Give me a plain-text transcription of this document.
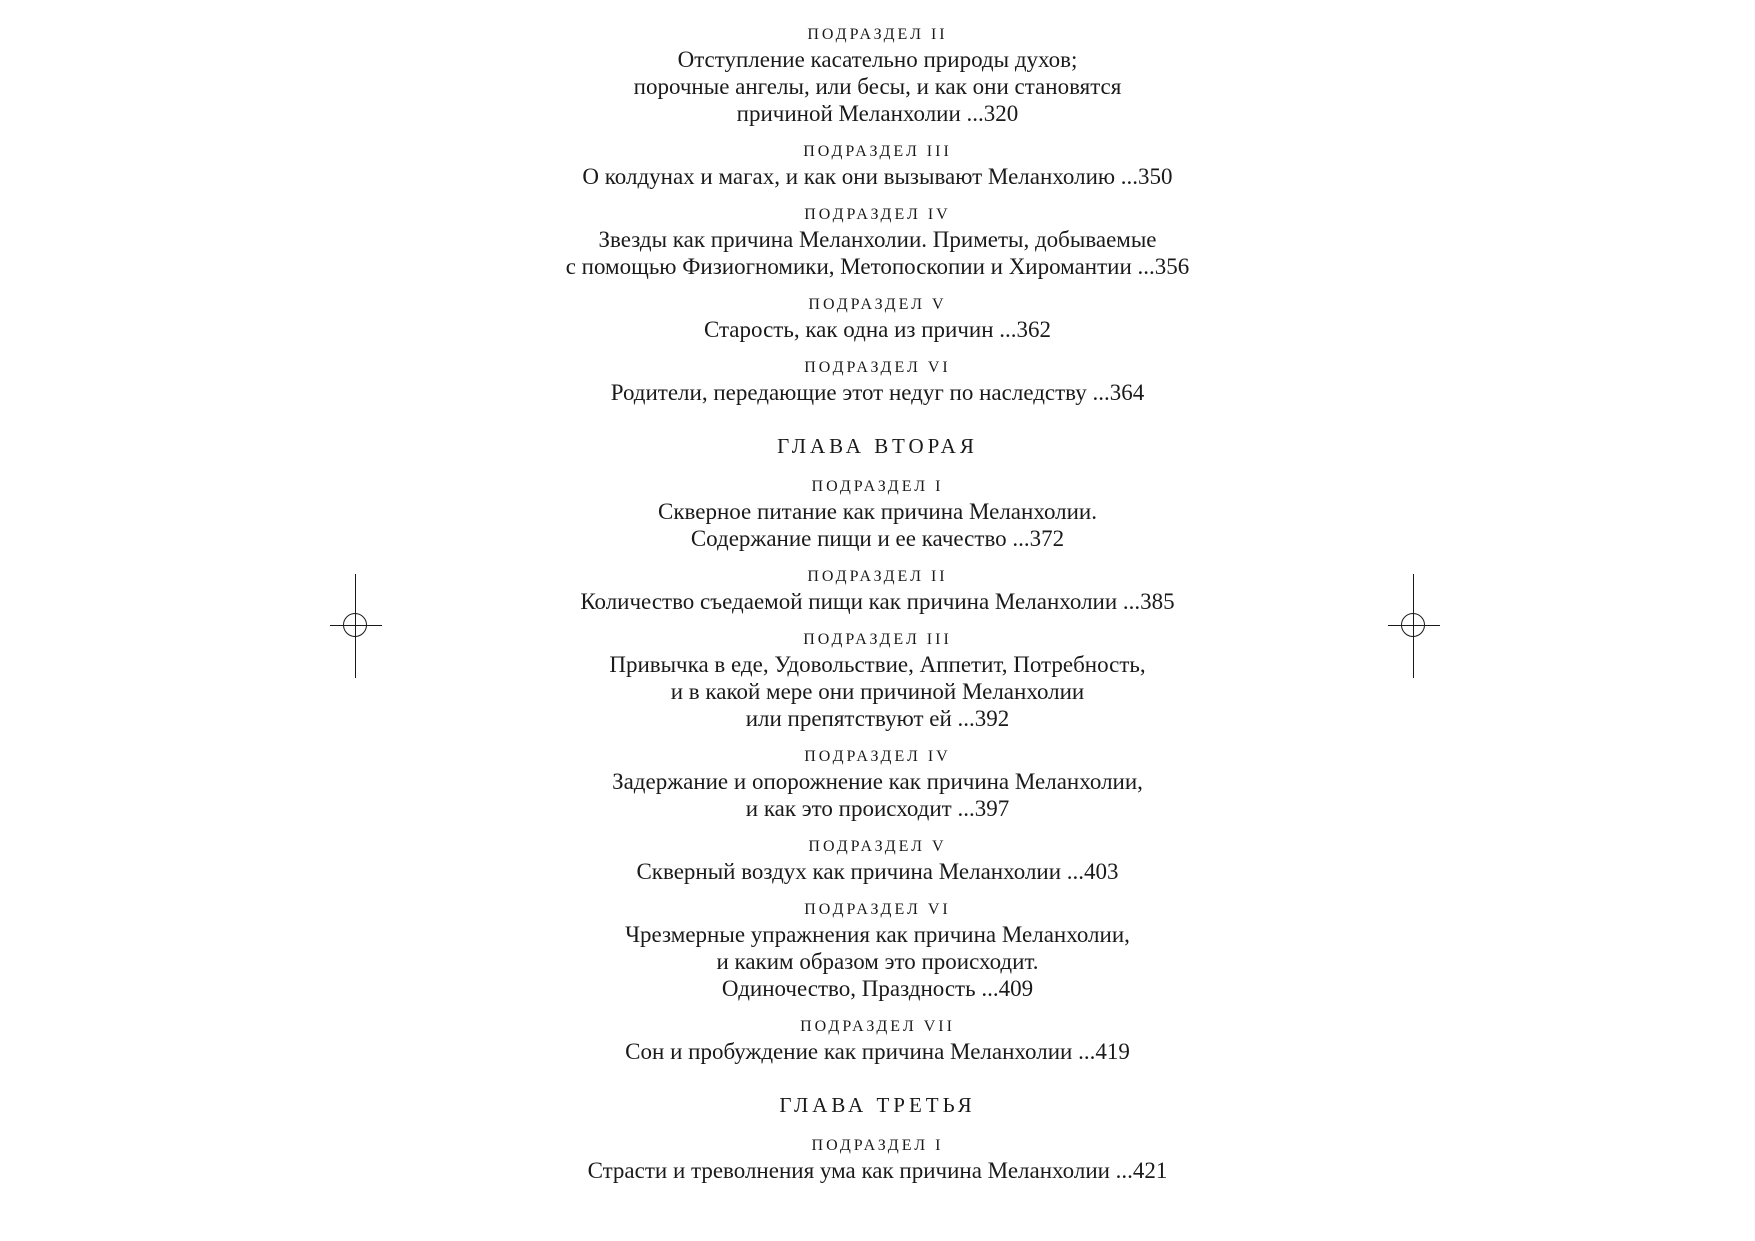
ПОДРАЗДЕЛ II
Отступление касательно природы духов;
порочные ангелы, или бесы, и как они становятся
причиной Меланхолии ...320
ПОДРАЗДЕЛ III
О колдунах и магах, и как они вызывают Меланхолию ...350
ПОДРАЗДЕЛ IV
Звезды как причина Меланхолии. Приметы, добываемые
с помощью Физиогномики, Метопоскопии и Хиромантии ...356
ПОДРАЗДЕЛ V
Старость, как одна из причин ...362
ПОДРАЗДЕЛ VI
Родители, передающие этот недуг по наследству ...364
ГЛАВА ВТОРАЯ
ПОДРАЗДЕЛ I
Скверное питание как причина Меланхолии.
Содержание пищи и ее качество ...372
ПОДРАЗДЕЛ II
Количество съедаемой пищи как причина Меланхолии ...385
ПОДРАЗДЕЛ III
Привычка в еде, Удовольствие, Аппетит, Потребность,
и в какой мере они причиной Меланхолии
или препятствуют ей ...392
ПОДРАЗДЕЛ IV
Задержание и опорожнение как причина Меланхолии,
и как это происходит ...397
ПОДРАЗДЕЛ V
Скверный воздух как причина Меланхолии ...403
ПОДРАЗДЕЛ VI
Чрезмерные упражнения как причина Меланхолии,
и каким образом это происходит.
Одиночество, Праздность ...409
ПОДРАЗДЕЛ VII
Сон и пробуждение как причина Меланхолии ...419
ГЛАВА ТРЕТЬЯ
ПОДРАЗДЕЛ I
Страсти и треволнения ума как причина Меланхолии ...421
